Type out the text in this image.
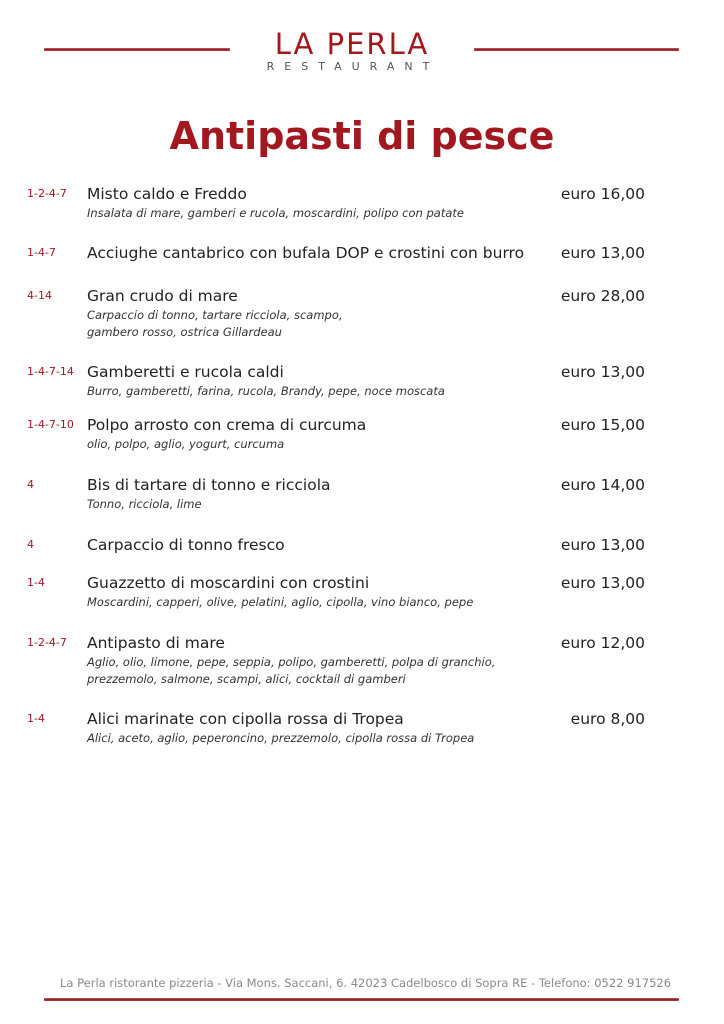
LA PERLA
RESTAURANT
Antipasti di pesce
1-2-4-7 Misto caldo e Freddo	euro 16,00
Insalata di mare, gamberi e rucola, moscardini, polipo con patate
1-4-7 Acciughe cantabrico con bufala DOP e crostini con burro	euro 13,00
4-14 Gran crudo di mare	euro 28,00
Carpaccio di tonno, tartare ricciola, scampo,
gambero rosso, ostrica Gillardeau
1-4-7-14 Gamberetti e rucola caldi	euro 13,00
Burro, gamberetti, farina, rucola, Brandy, pepe, noce moscata
1-4-7-10 Polpo arrosto con crema di curcuma	euro 15,00
olio, polpo, aglio, yogurt, curcuma
4	Bis di tartare di tonno e ricciola	euro 14,00
Tonno, ricciola, lime
4	Carpaccio di tonno fresco	euro 13,00
1-4	Guazzetto di moscardini con crostini	euro 13,00
Moscardini, capperi, olive, pelatini, aglio, cipolla, vino bianco, pepe
1-2-4-7 Antipasto di mare	euro 12,00
Aglio, olio, limone, pepe, seppia, polipo, gamberetti, polpa di granchio,
prezzemolo, salmone, scampi, alici, cocktail di gamberi
1-4	Alici marinate con cipolla rossa di Tropea	euro 8,00
Alici, aceto, aglio, peperoncino, prezzemolo, cipolla rossa di Tropea
La Perla ristorante pizzeria - Via Mons. Saccani, 6. 42023 Cadelbosco di Sopra RE - Telefono: 0522 917526
